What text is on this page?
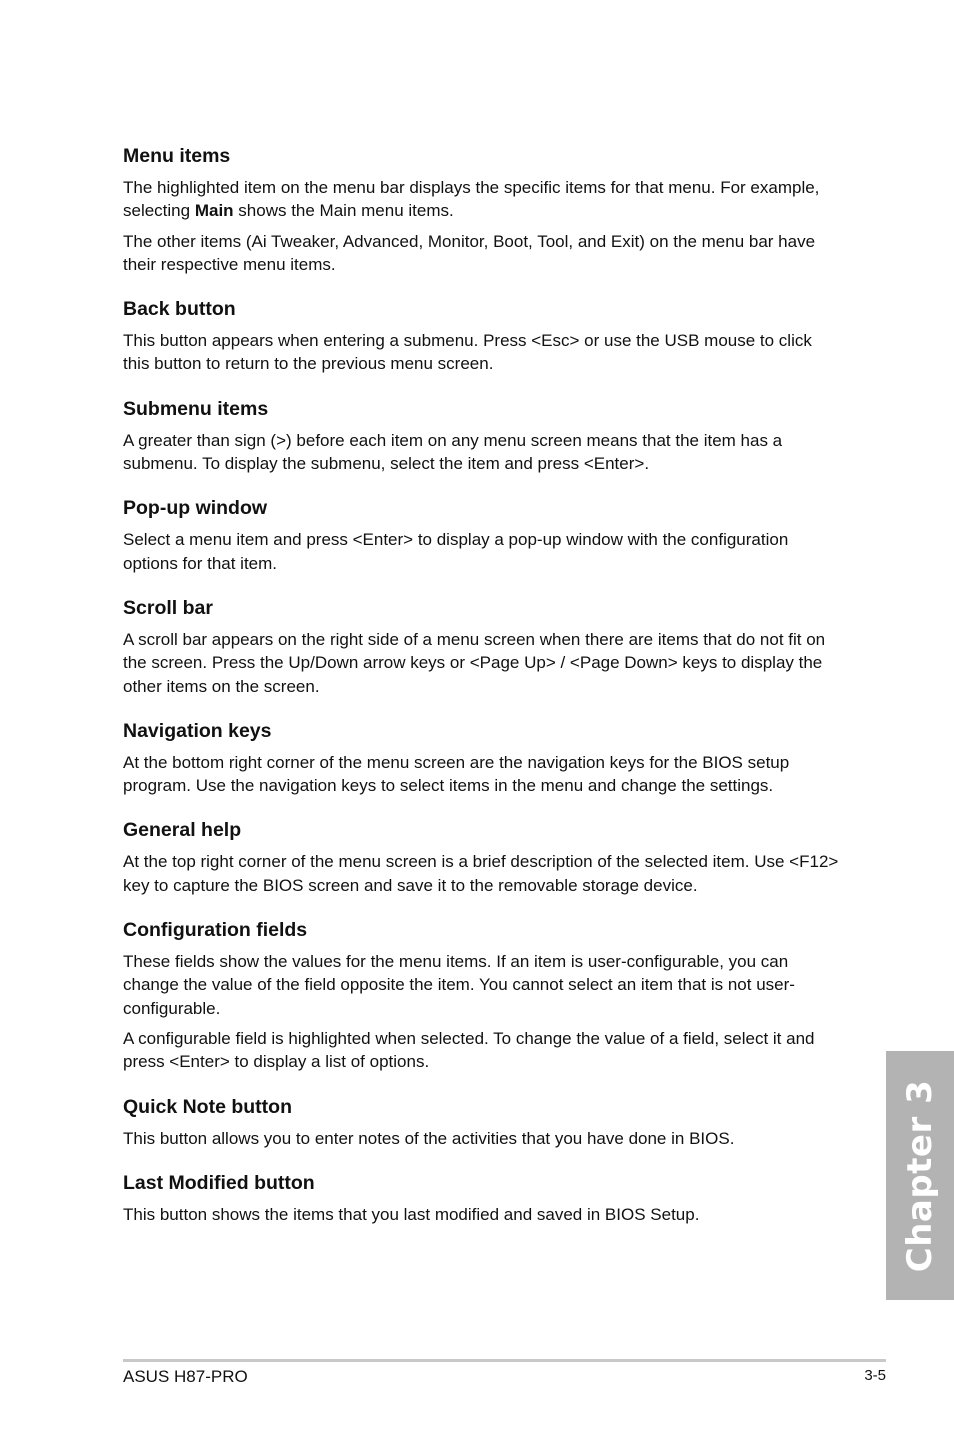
Menu items

The highlighted item on the menu bar displays the specific items for that menu. For example, selecting Main shows the Main menu items.

The other items (Ai Tweaker, Advanced, Monitor, Boot, Tool, and Exit) on the menu bar have their respective menu items.

Back button

This button appears when entering a submenu. Press <Esc> or use the USB mouse to click this button to return to the previous menu screen.

Submenu items

A greater than sign (>) before each item on any menu screen means that the item has a submenu. To display the submenu, select the item and press <Enter>.

Pop-up window

Select a menu item and press <Enter> to display a pop-up window with the configuration options for that item.

Scroll bar

A scroll bar appears on the right side of a menu screen when there are items that do not fit on the screen. Press the Up/Down arrow keys or <Page Up> / <Page Down> keys to display the other items on the screen.

Navigation keys

At the bottom right corner of the menu screen are the navigation keys for the BIOS setup program. Use the navigation keys to select items in the menu and change the settings.

General help

At the top right corner of the menu screen is a brief description of the selected item. Use <F12> key to capture the BIOS screen and save it to the removable storage device.

Configuration fields

These fields show the values for the menu items. If an item is user-configurable, you can change the value of the field opposite the item. You cannot select an item that is not user-configurable.

A configurable field is highlighted when selected. To change the value of a field, select it and press <Enter> to display a list of options.

Quick Note button

This button allows you to enter notes of the activities that you have done in BIOS.

Last Modified button

This button shows the items that you last modified and saved in BIOS Setup.	Chapter 3
ASUS H87-PRO	3-5
